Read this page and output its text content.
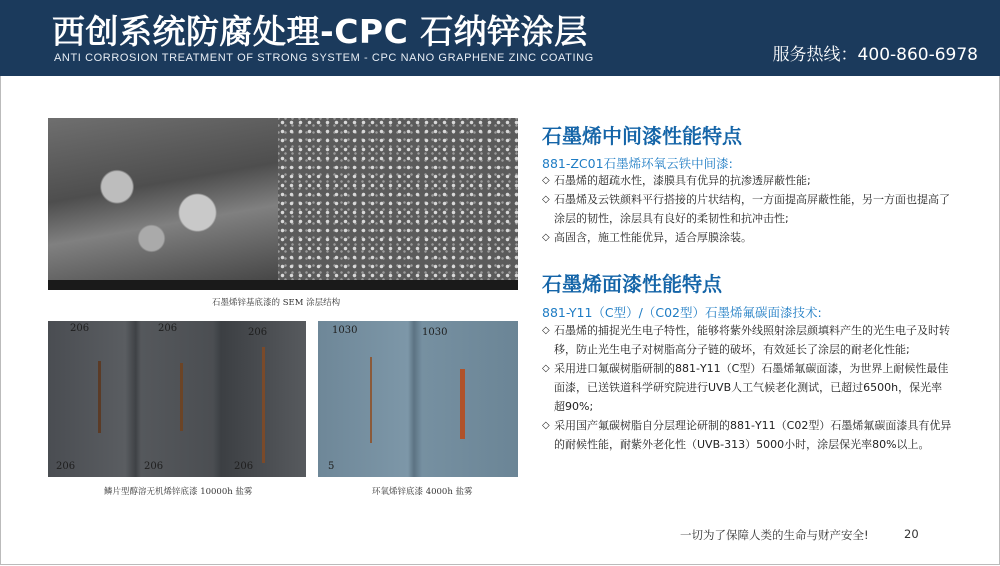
西创系统防腐处理-CPC 石纳锌涂层
ANTI CORROSION TREATMENT OF STRONG SYSTEM - CPC NANO GRAPHENE ZINC COATING	服务热线：400-860-6978
石墨烯锌基底漆的 SEM 涂层结构
206	206	206
206	206	206
鳞片型醇溶无机烯锌底漆 10000h 盐雾
1030	1030
5
环氧烯锌底漆 4000h 盐雾
石墨烯中间漆性能特点
881-ZC01石墨烯环氧云铁中间漆:
◇ 石墨烯的超疏水性，漆膜具有优异的抗渗透屏蔽性能;
◇ 石墨烯及云铁颜料平行搭接的片状结构，一方面提高屏蔽性能，另一方面也提高了涂层的韧性，涂层具有良好的柔韧性和抗冲击性;
◇ 高固含，施工性能优异，适合厚膜涂装。
石墨烯面漆性能特点
881-Y11（C型）/（C02型）石墨烯氟碳面漆技术:
◇ 石墨烯的捕捉光生电子特性，能够将紫外线照射涂层颜填料产生的光生电子及时转移，防止光生电子对树脂高分子链的破坏，有效延长了涂层的耐老化性能;
◇ 采用进口氟碳树脂研制的881-Y11（C型）石墨烯氟碳面漆，为世界上耐候性最佳面漆，已送铁道科学研究院进行UVB人工气候老化测试，已超过6500h，保光率超90%;
◇ 采用国产氟碳树脂自分层理论研制的881-Y11（C02型）石墨烯氟碳面漆具有优异的耐候性能，耐紫外老化性（UVB-313）5000小时，涂层保光率80%以上。
一切为了保障人类的生命与财产安全!	20
